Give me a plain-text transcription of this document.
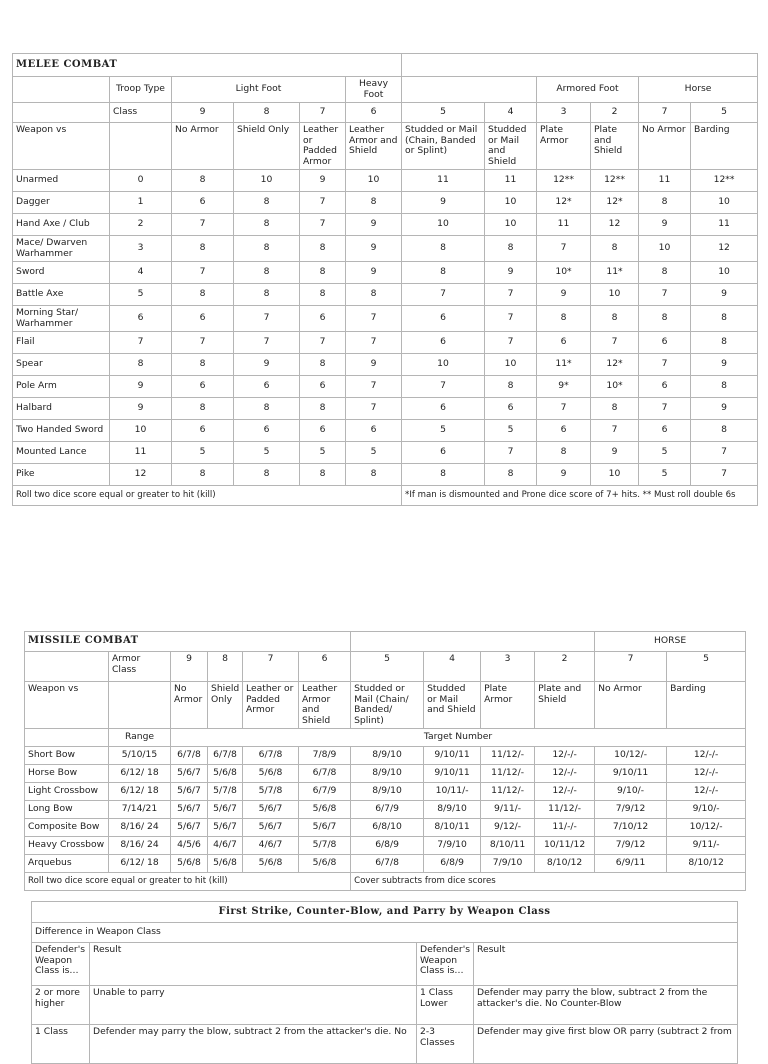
MELEE COMBAT											
	Troop Type	Light Foot			Heavy Foot			Armored Foot		Horse	
	Class	9	8	7	6	5	4	3	2	7	5
Weapon vs		No Armor	Shield Only	Leather or Padded Armor	Leather Armor and Shield	Studded or Mail (Chain, Banded or Splint)	Studded or Mail and Shield	Plate Armor	Plate and Shield	No Armor	Barding
Unarmed	0	8	10	9	10	11	11	12**	12**	11	12**
Dagger	1	6	8	7	8	9	10	12*	12*	8	10
Hand Axe / Club	2	7	8	7	9	10	10	11	12	9	11
Mace/ Dwarven Warhammer	3	8	8	8	9	8	8	7	8	10	12
Sword	4	7	8	8	9	8	9	10*	11*	8	10
Battle Axe	5	8	8	8	8	7	7	9	10	7	9
Morning Star/ Warhammer	6	6	7	6	7	6	7	8	8	8	8
Flail	7	7	7	7	7	6	7	6	7	6	8
Spear	8	8	9	8	9	10	10	11*	12*	7	9
Pole Arm	9	6	6	6	7	7	8	9*	10*	6	8
Halbard	9	8	8	8	7	6	6	7	8	7	9
Two Handed Sword	10	6	6	6	6	5	5	6	7	6	8
Mounted Lance	11	5	5	5	5	6	7	8	9	5	7
Pike	12	8	8	8	8	8	8	9	10	5	7
Roll two dice score equal or greater to hit (kill)						*If man is dismounted and Prone dice score of 7+ hits. ** Must roll double 6s					
MISSILE COMBAT										HORSE	
	Armor Class	9	8	7	6	5	4	3	2	7	5
Weapon vs		No Armor	Shield Only	Leather or Padded Armor	Leather Armor and Shield	Studded or Mail (Chain/ Banded/ Splint)	Studded or Mail and Shield	Plate Armor	Plate and Shield	No Armor	Barding
	Range	Target Number									
Short Bow	5/10/15	6/7/8	6/7/8	6/7/8	7/8/9	8/9/10	9/10/11	11/12/-	12/-/-	10/12/-	12/-/-
Horse Bow	6/12/ 18	5/6/7	5/6/8	5/6/8	6/7/8	8/9/10	9/10/11	11/12/-	12/-/-	9/10/11	12/-/-
Light Crossbow	6/12/ 18	5/6/7	5/7/8	5/7/8	6/7/9	8/9/10	10/11/-	11/12/-	12/-/-	9/10/-	12/-/-
Long Bow	7/14/21	5/6/7	5/6/7	5/6/7	5/6/8	6/7/9	8/9/10	9/11/-	11/12/-	7/9/12	9/10/-
Composite Bow	8/16/ 24	5/6/7	5/6/7	5/6/7	5/6/7	6/8/10	8/10/11	9/12/-	11/-/-	7/10/12	10/12/-
Heavy Crossbow	8/16/ 24	4/5/6	4/6/7	4/6/7	5/7/8	6/8/9	7/9/10	8/10/11	10/11/12	7/9/12	9/11/-
Arquebus	6/12/ 18	5/6/8	5/6/8	5/6/8	5/6/8	6/7/8	6/8/9	7/9/10	8/10/12	6/9/11	8/10/12
Roll two dice score equal or greater to hit (kill)						Cover subtracts from dice scores					
First Strike, Counter-Blow, and Parry by Weapon Class			
Difference in Weapon Class			
Defender's Weapon Class is…	Result	Defender's Weapon Class is…	Result
2 or more higher	Unable to parry	1 Class Lower	Defender may parry the blow, subtract 2 from the attacker's die. No Counter-Blow
1 Class	Defender may parry the blow, subtract 2 from the attacker's die. No	2-3 Classes	Defender may give first blow OR parry (subtract 2 from
